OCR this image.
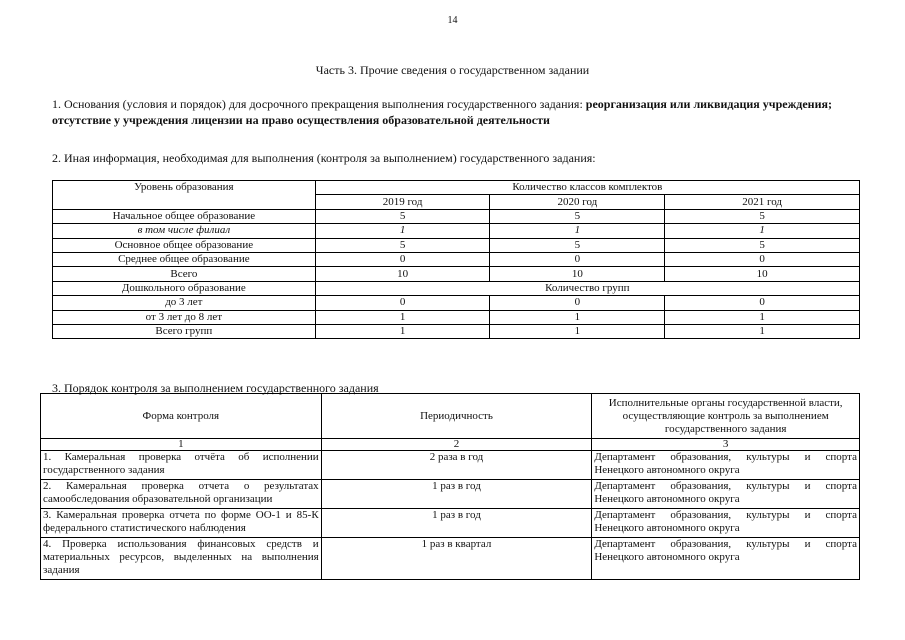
14
Часть 3. Прочие сведения о государственном задании
1. Основания (условия и порядок) для досрочного прекращения выполнения государственного задания: реорганизация или ликвидация учреждения; отсутствие у учреждения лицензии на право осуществления образовательной деятельности
2. Иная информация, необходимая для выполнения (контроля за выполнением) государственного задания:
Уровень образования	Количество классов комплектов		
	2019 год	2020 год	2021 год
Начальное общее образование	5	5	5
в том числе филиал	1	1	1
Основное общее образование	5	5	5
Среднее общее образование	0	0	0
Всего	10	10	10
Дошкольного образование	Количество групп		
до 3 лет	0	0	0
от 3 лет до 8 лет	1	1	1
Всего групп	1	1	1
3. Порядок контроля за выполнением государственного задания
Форма контроля	Периодичность	Исполнительные органы государственной власти, осуществляющие контроль за выполнением государственного задания
1	2	3
1. Камеральная проверка отчёта об исполнении государственного задания	2 раза в год	Департамент образования, культуры и спорта Ненецкого автономного округа
2. Камеральная проверка отчета о результатах самообследования образовательной организации	1 раз в год	Департамент образования, культуры и спорта Ненецкого автономного округа
3. Камеральная проверка отчета по форме ОО-1 и 85-К федерального статистического наблюдения	1 раз в год	Департамент образования, культуры и спорта Ненецкого автономного округа
4. Проверка использования финансовых средств и материальных ресурсов, выделенных на выполнения задания	1 раз в квартал	Департамент образования, культуры и спорта Ненецкого автономного округа
